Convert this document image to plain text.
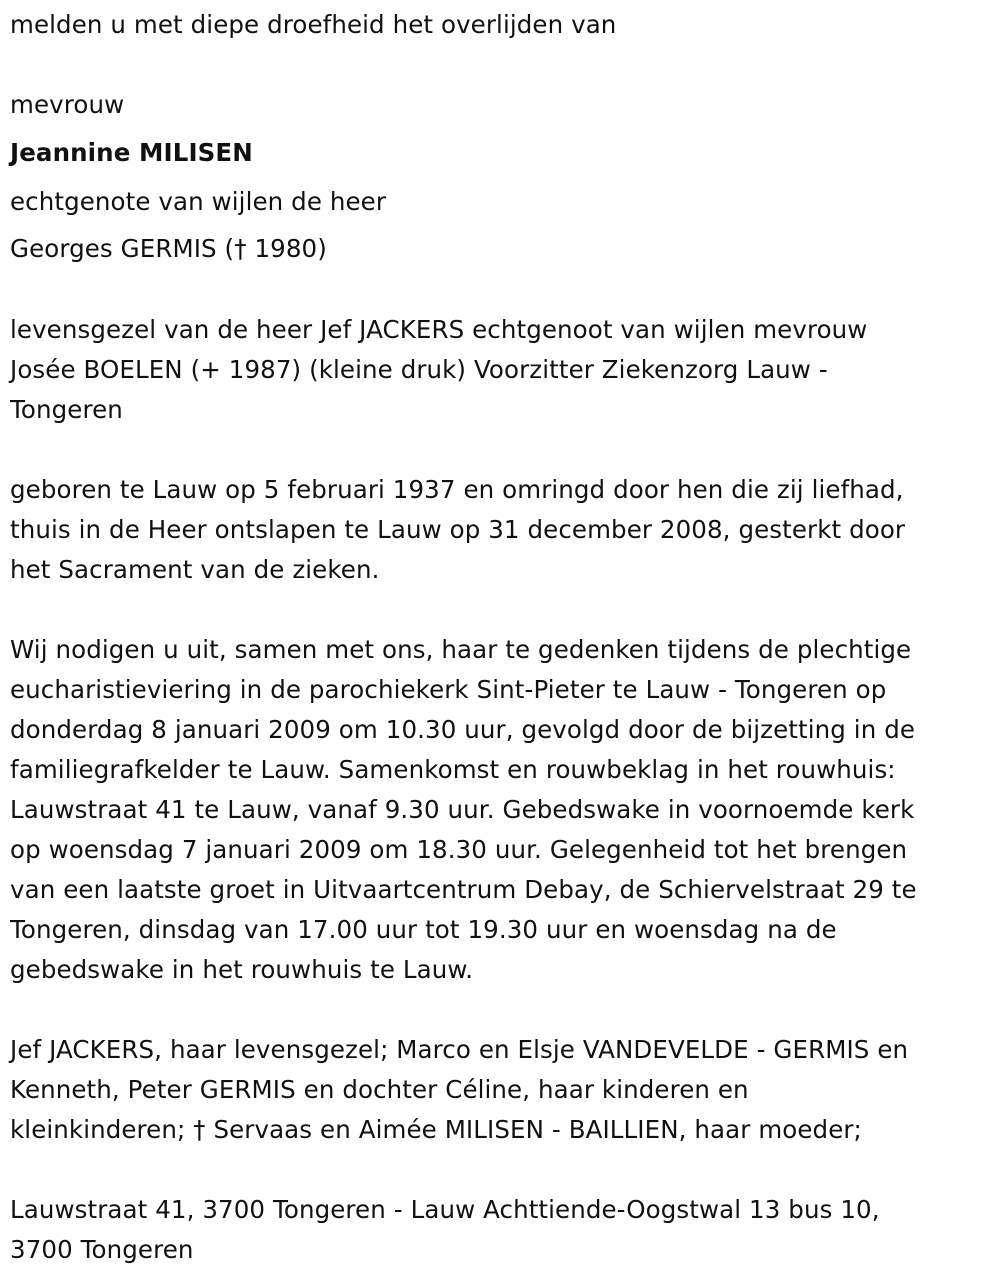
melden u met diepe droefheid het overlijden van
mevrouw
Jeannine MILISEN
echtgenote van wijlen de heer
Georges GERMIS († 1980)
levensgezel van de heer Jef JACKERS echtgenoot van wijlen mevrouw
Josée BOELEN (+ 1987) (kleine druk) Voorzitter Ziekenzorg Lauw -
Tongeren
geboren te Lauw op 5 februari 1937 en omringd door hen die zij liefhad,
thuis in de Heer ontslapen te Lauw op 31 december 2008, gesterkt door
het Sacrament van de zieken.
Wij nodigen u uit, samen met ons, haar te gedenken tijdens de plechtige
eucharistieviering in de parochiekerk Sint-Pieter te Lauw - Tongeren op
donderdag 8 januari 2009 om 10.30 uur, gevolgd door de bijzetting in de
familiegrafkelder te Lauw. Samenkomst en rouwbeklag in het rouwhuis:
Lauwstraat 41 te Lauw, vanaf 9.30 uur. Gebedswake in voornoemde kerk
op woensdag 7 januari 2009 om 18.30 uur. Gelegenheid tot het brengen
van een laatste groet in Uitvaartcentrum Debay, de Schiervelstraat 29 te
Tongeren, dinsdag van 17.00 uur tot 19.30 uur en woensdag na de
gebedswake in het rouwhuis te Lauw.
Jef JACKERS, haar levensgezel; Marco en Elsje VANDEVELDE - GERMIS en
Kenneth, Peter GERMIS en dochter Céline, haar kinderen en
kleinkinderen; † Servaas en Aimée MILISEN - BAILLIEN, haar moeder;
Lauwstraat 41, 3700 Tongeren - Lauw Achttiende-Oogstwal 13 bus 10,
3700 Tongeren
